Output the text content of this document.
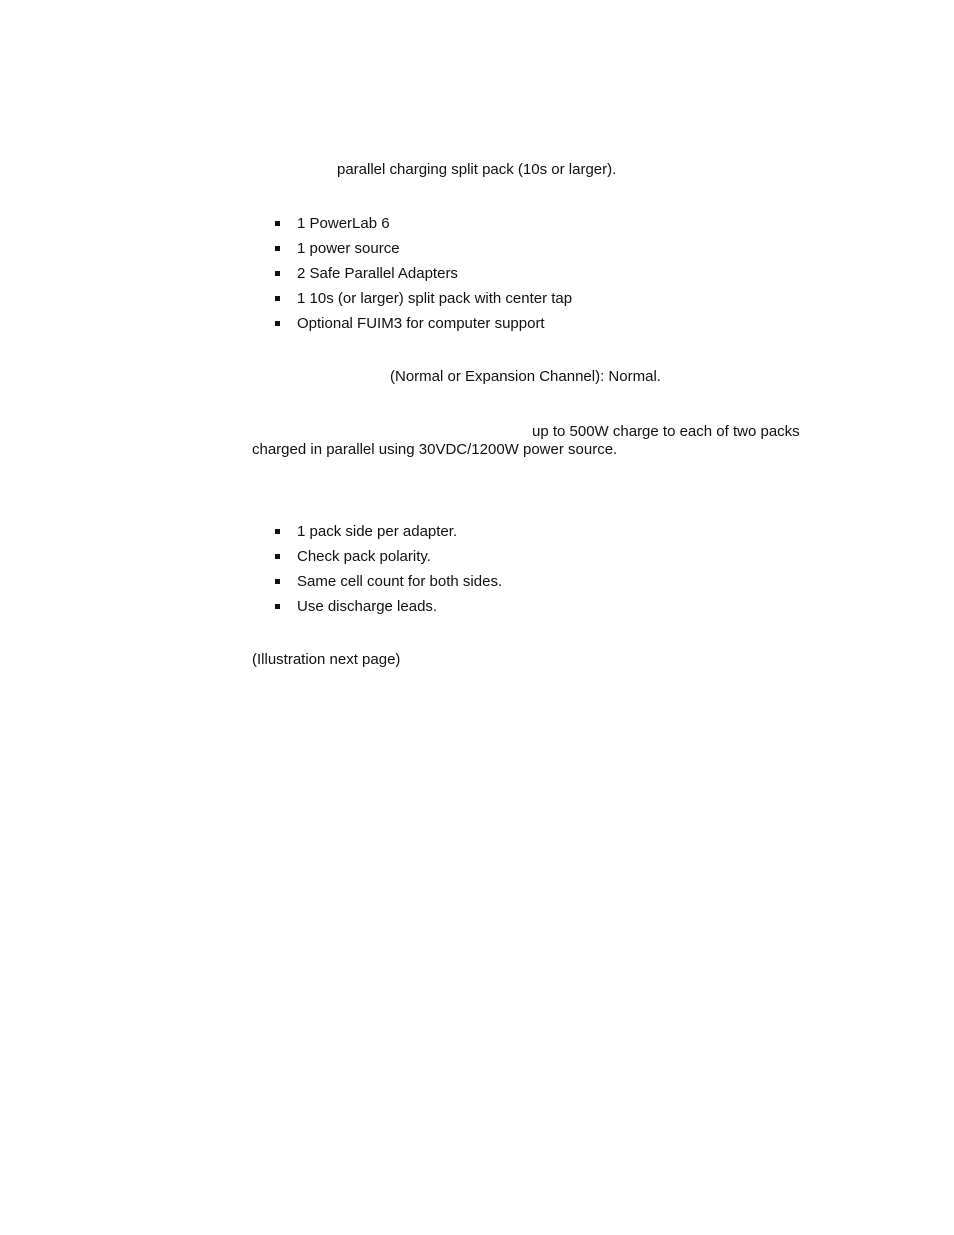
parallel charging split pack (10s or larger).
1 PowerLab 6
1 power source
2 Safe Parallel Adapters
1 10s (or larger) split pack with center tap
Optional FUIM3 for computer support
(Normal or Expansion Channel): Normal.
up to 500W charge to each of two packs
charged in parallel using 30VDC/1200W power source.
1 pack side per adapter.
Check pack polarity.
Same cell count for both sides.
Use discharge leads.
(Illustration next page)
